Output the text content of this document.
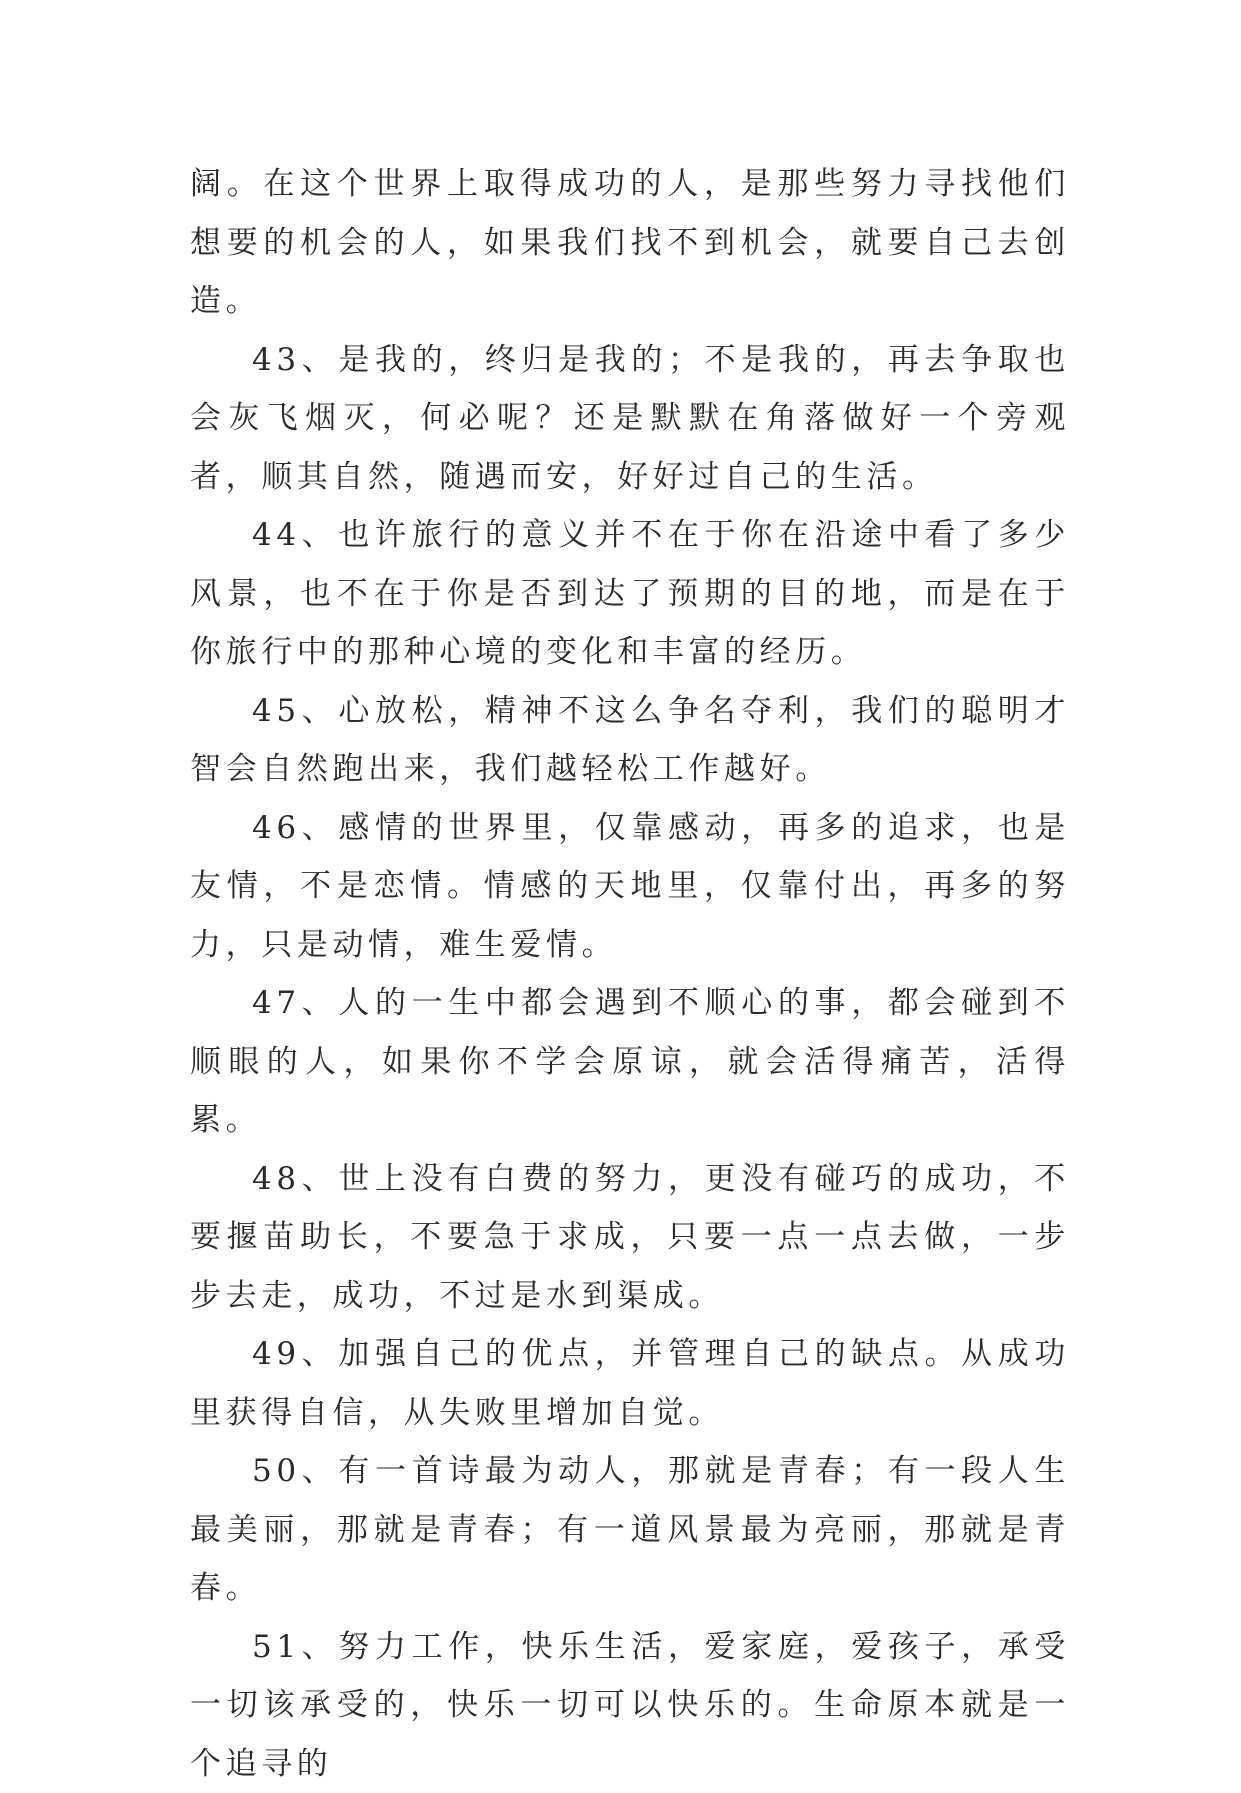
阔。在这个世界上取得成功的人，是那些努力寻找他们想要的机会的人，如果我们找不到机会，就要自己去创造。

43、是我的，终归是我的；不是我的，再去争取也会灰飞烟灭，何必呢？还是默默在角落做好一个旁观者，顺其自然，随遇而安，好好过自己的生活。

44、也许旅行的意义并不在于你在沿途中看了多少风景，也不在于你是否到达了预期的目的地，而是在于你旅行中的那种心境的变化和丰富的经历。

45、心放松，精神不这么争名夺利，我们的聪明才智会自然跑出来，我们越轻松工作越好。

46、感情的世界里，仅靠感动，再多的追求，也是友情，不是恋情。情感的天地里，仅靠付出，再多的努力，只是动情，难生爱情。

47、人的一生中都会遇到不顺心的事，都会碰到不顺眼的人，如果你不学会原谅，就会活得痛苦，活得累。

48、世上没有白费的努力，更没有碰巧的成功，不要揠苗助长，不要急于求成，只要一点一点去做，一步步去走，成功，不过是水到渠成。

49、加强自己的优点，并管理自己的缺点。从成功里获得自信，从失败里增加自觉。

50、有一首诗最为动人，那就是青春；有一段人生最美丽，那就是青春；有一道风景最为亮丽，那就是青春。

51、努力工作，快乐生活，爱家庭，爱孩子，承受一切该承受的，快乐一切可以快乐的。生命原本就是一个追寻的
